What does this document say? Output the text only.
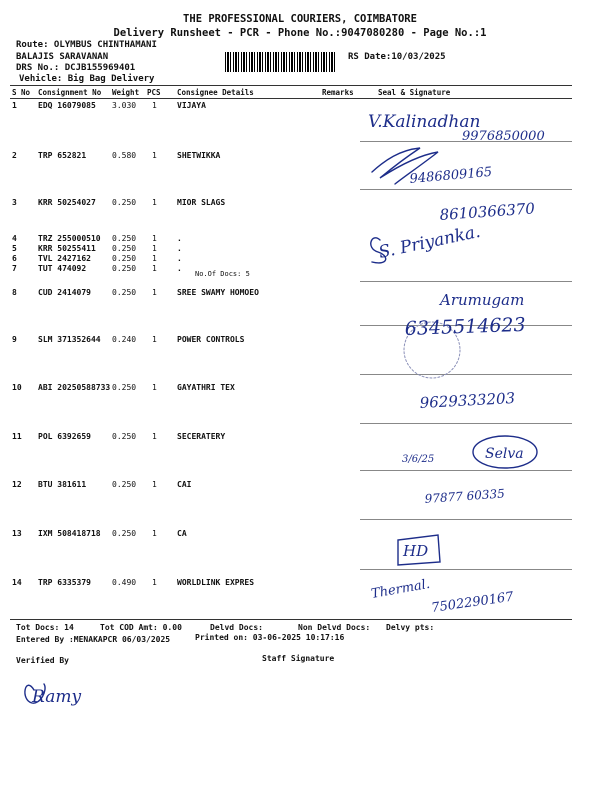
THE PROFESSIONAL COURIERS, COIMBATORE
Delivery Runsheet - PCR - Phone No.:9047080280 - Page No.:1
Route: OLYMBUS CHINTHAMANI
BALAJIS SARAVANAN
DRS No.: DCJB155969401
Vehicle: Big Bag Delivery
RS Date:10/03/2025
S No Consignment No Weight PCS Consignee Details	Remarks	Seal & Signature
1	EDQ 16079085 3.030 1	VIJAYA
2	TRP 652821	0.580 1	SHETWIKKA
3	KRR 50254027 0.250 1	MIOR SLAGS
4	TRZ 255000510 0.250 1	.
5	KRR 50255411 0.250 1	.
6	TVL 2427162	0.250 1	.
7	TUT 474092	0.250 1	.
8	CUD 2414079	0.250 1	SREE SWAMY HOMOEO
9	SLM 371352644 0.240 1	POWER CONTROLS
10 ABI 20250588733 0.250 1	GAYATHRI TEX
11 POL 6392659	0.250 1	SECERATERY
12 BTU 381611	0.250 1	CAI
13 IXM 508418718 0.250 1	CA
14 TRP 6335379	0.490 1	WORLDLINK EXPRES
No.Of Docs: 5
V.Kalinadhan
9976850000
9486809165
8610366370
S. Priyanka.
Arumugam
6345514623
9629333203
3/6/25	Selva
97877 60335
HD
Thermal.
7502290167
Ramy
Tot Docs: 14	Tot COD Amt: 0.00	Delvd Docs:	Non Delvd Docs: Delvy pts:
Entered By :MENAKAPCR 06/03/2025	Printed on: 03-06-2025 10:17:16
Verified By	Staff Signature
